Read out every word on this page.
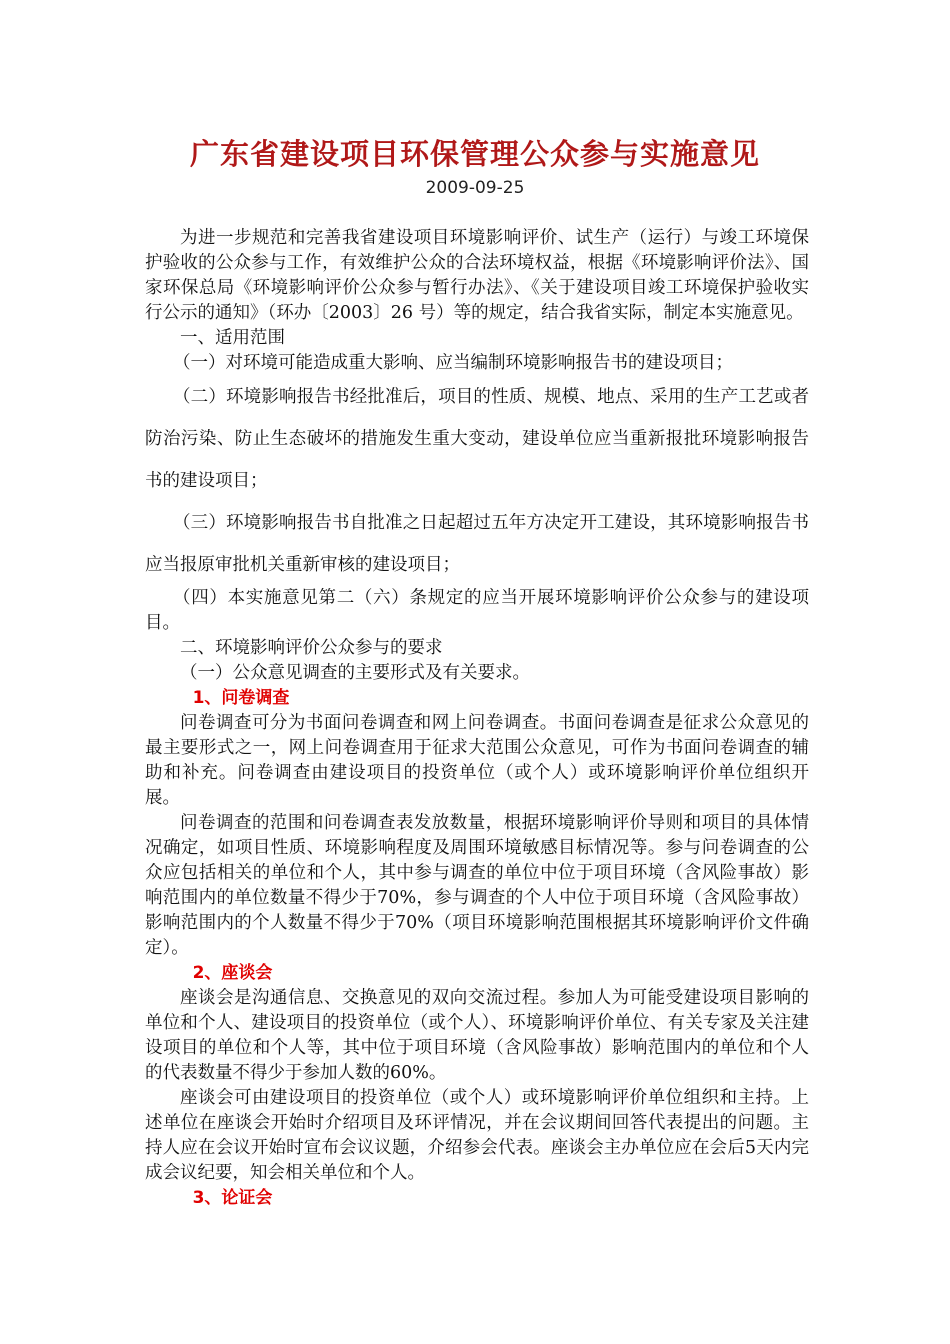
广东省建设项目环保管理公众参与实施意见
2009-09-25

为进一步规范和完善我省建设项目环境影响评价、试生产（运行）与竣工环境保护验收的公众参与工作，有效维护公众的合法环境权益，根据《环境影响评价法》、国家环保总局《环境影响评价公众参与暂行办法》、《关于建设项目竣工环境保护验收实行公示的通知》（环办〔2003〕26 号）等的规定，结合我省实际，制定本实施意见。

一、适用范围

（一）对环境可能造成重大影响、应当编制环境影响报告书的建设项目；

（二）环境影响报告书经批准后，项目的性质、规模、地点、采用的生产工艺或者防治污染、防止生态破坏的措施发生重大变动，建设单位应当重新报批环境影响报告书的建设项目；

（三）环境影响报告书自批准之日起超过五年方决定开工建设，其环境影响报告书应当报原审批机关重新审核的建设项目；

（四）本实施意见第二（六）条规定的应当开展环境影响评价公众参与的建设项目。

二、环境影响评价公众参与的要求

（一）公众意见调查的主要形式及有关要求。

1、问卷调查

问卷调查可分为书面问卷调查和网上问卷调查。书面问卷调查是征求公众意见的最主要形式之一，网上问卷调查用于征求大范围公众意见，可作为书面问卷调查的辅助和补充。问卷调查由建设项目的投资单位（或个人）或环境影响评价单位组织开展。

问卷调查的范围和问卷调查表发放数量，根据环境影响评价导则和项目的具体情况确定，如项目性质、环境影响程度及周围环境敏感目标情况等。参与问卷调查的公众应包括相关的单位和个人，其中参与调查的单位中位于项目环境（含风险事故）影响范围内的单位数量不得少于70%，参与调查的个人中位于项目环境（含风险事故）影响范围内的个人数量不得少于70%（项目环境影响范围根据其环境影响评价文件确定）。

2、座谈会

座谈会是沟通信息、交换意见的双向交流过程。参加人为可能受建设项目影响的单位和个人、建设项目的投资单位（或个人）、环境影响评价单位、有关专家及关注建设项目的单位和个人等，其中位于项目环境（含风险事故）影响范围内的单位和个人的代表数量不得少于参加人数的60%。

座谈会可由建设项目的投资单位（或个人）或环境影响评价单位组织和主持。上述单位在座谈会开始时介绍项目及环评情况，并在会议期间回答代表提出的问题。主持人应在会议开始时宣布会议议题，介绍参会代表。座谈会主办单位应在会后5天内完成会议纪要，知会相关单位和个人。

3、论证会
